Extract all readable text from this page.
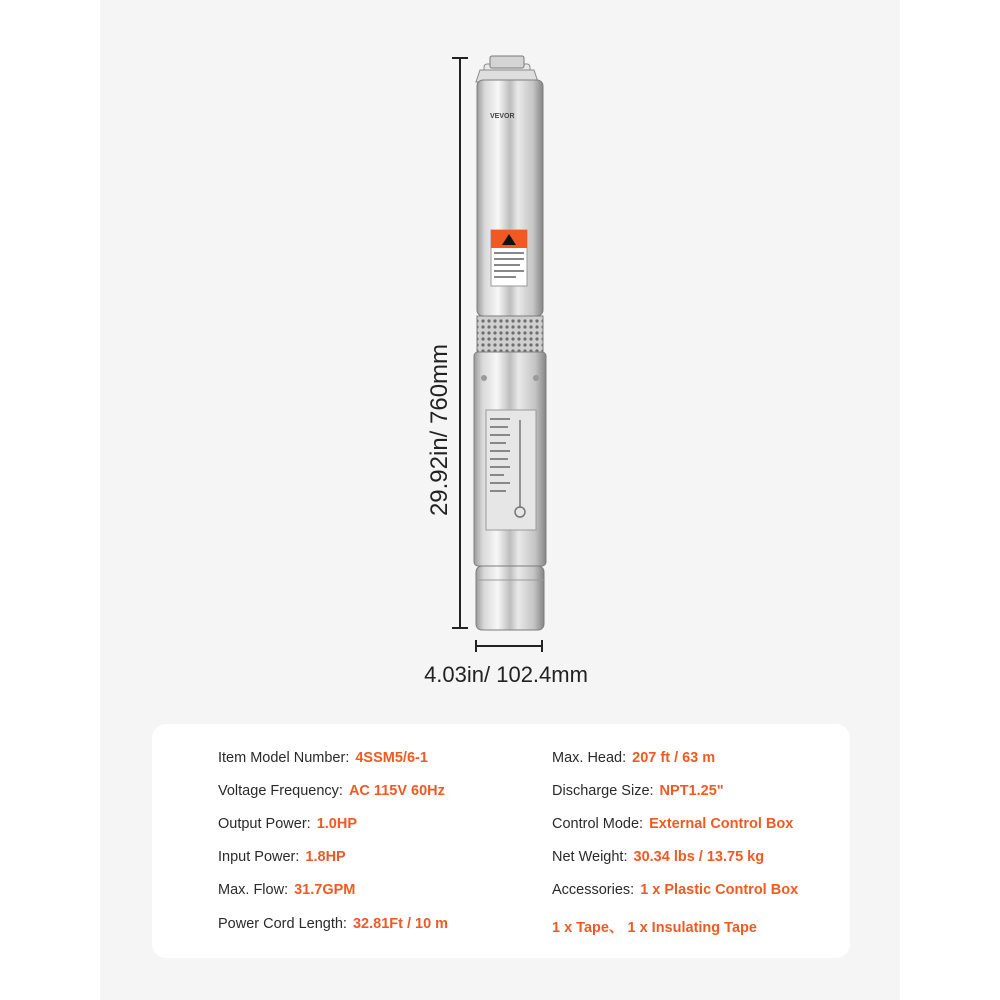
VEVOR
29.92in/ 760mm
4.03in/ 102.4mm
Item Model Number: 4SSM5/6-1
Voltage Frequency: AC 115V 60Hz
Output Power: 1.0HP
Input Power: 1.8HP
Max. Flow: 31.7GPM
Power Cord Length: 32.81Ft / 10 m
Max. Head: 207 ft / 63 m
Discharge Size: NPT1.25"
Control Mode: External Control Box
Net Weight: 30.34 lbs / 13.75 kg
Accessories: 1 x Plastic Control Box
1 x Tape、 1 x Insulating Tape
